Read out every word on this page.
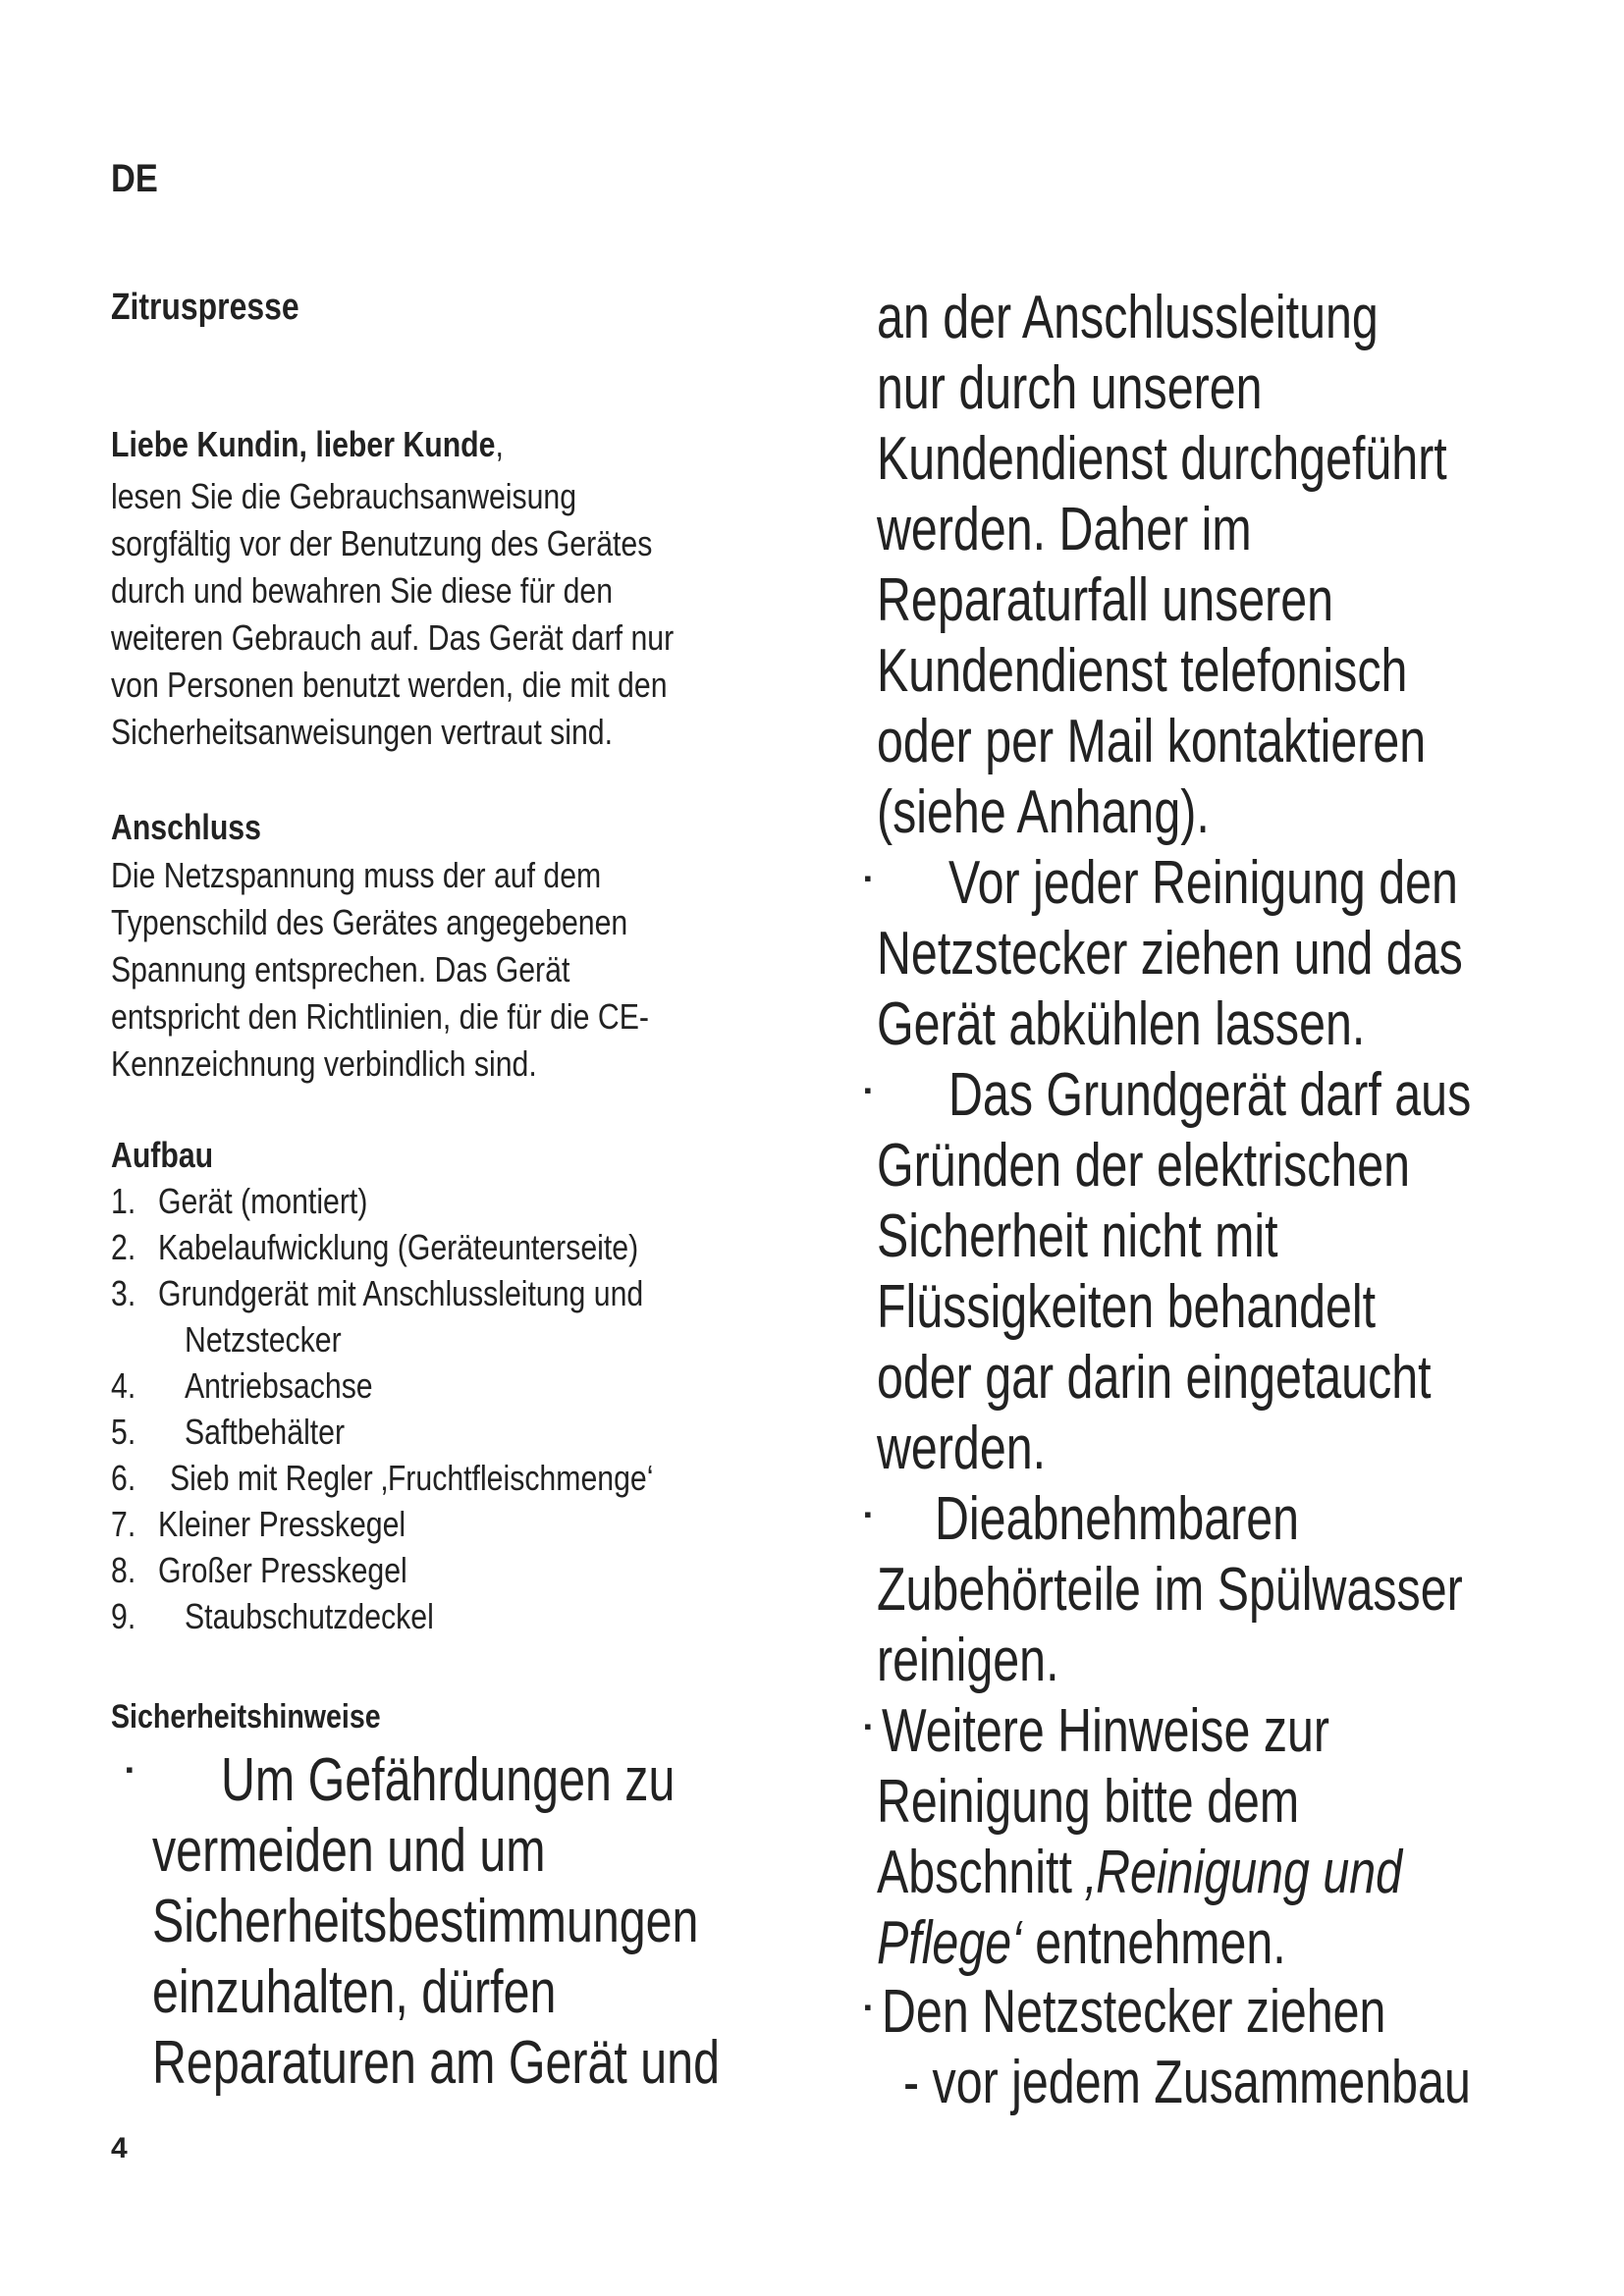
DE
Zitruspresse
Liebe Kundin, lieber Kunde,
lesen Sie die Gebrauchsanweisung
sorgfältig vor der Benutzung des Gerätes
durch und bewahren Sie diese für den
weiteren Gebrauch auf. Das Gerät darf nur
von Personen benutzt werden, die mit den
Sicherheitsanweisungen vertraut sind.
Anschluss
Die Netzspannung muss der auf dem
Typenschild des Gerätes angegebenen
Spannung entsprechen. Das Gerät
entspricht den Richtlinien, die für die CE-
Kennzeichnung verbindlich sind.
Aufbau
1. Gerät (montiert)
2. Kabelaufwicklung (Geräteunterseite)
3. Grundgerät mit Anschlussleitung und
Netzstecker
4. Antriebsachse
5. Saftbehälter
6. Sieb mit Regler ‚Fruchtfleischmenge‘
7. Kleiner Presskegel
8. Großer Presskegel
9. Staubschutzdeckel
Sicherheitshinweise
▪ Um Gefährdungen zu
vermeiden und um
Sicherheitsbestimmungen
einzuhalten, dürfen
Reparaturen am Gerät und
an der Anschlussleitung
nur durch unseren
Kundendienst durchgeführt
werden. Daher im
Reparaturfall unseren
Kundendienst telefonisch
oder per Mail kontaktieren
(siehe Anhang).
▪ Vor jeder Reinigung den
Netzstecker ziehen und das
Gerät abkühlen lassen.
▪ Das Grundgerät darf aus
Gründen der elektrischen
Sicherheit nicht mit
Flüssigkeiten behandelt
oder gar darin eingetaucht
werden.
▪ Dieabnehmbaren
Zubehörteile im Spülwasser
reinigen.
▪ Weitere Hinweise zur
Reinigung bitte dem
Abschnitt ‚Reinigung und
Pflege‘ entnehmen.
▪ Den Netzstecker ziehen
- vor jedem Zusammenbau
4
